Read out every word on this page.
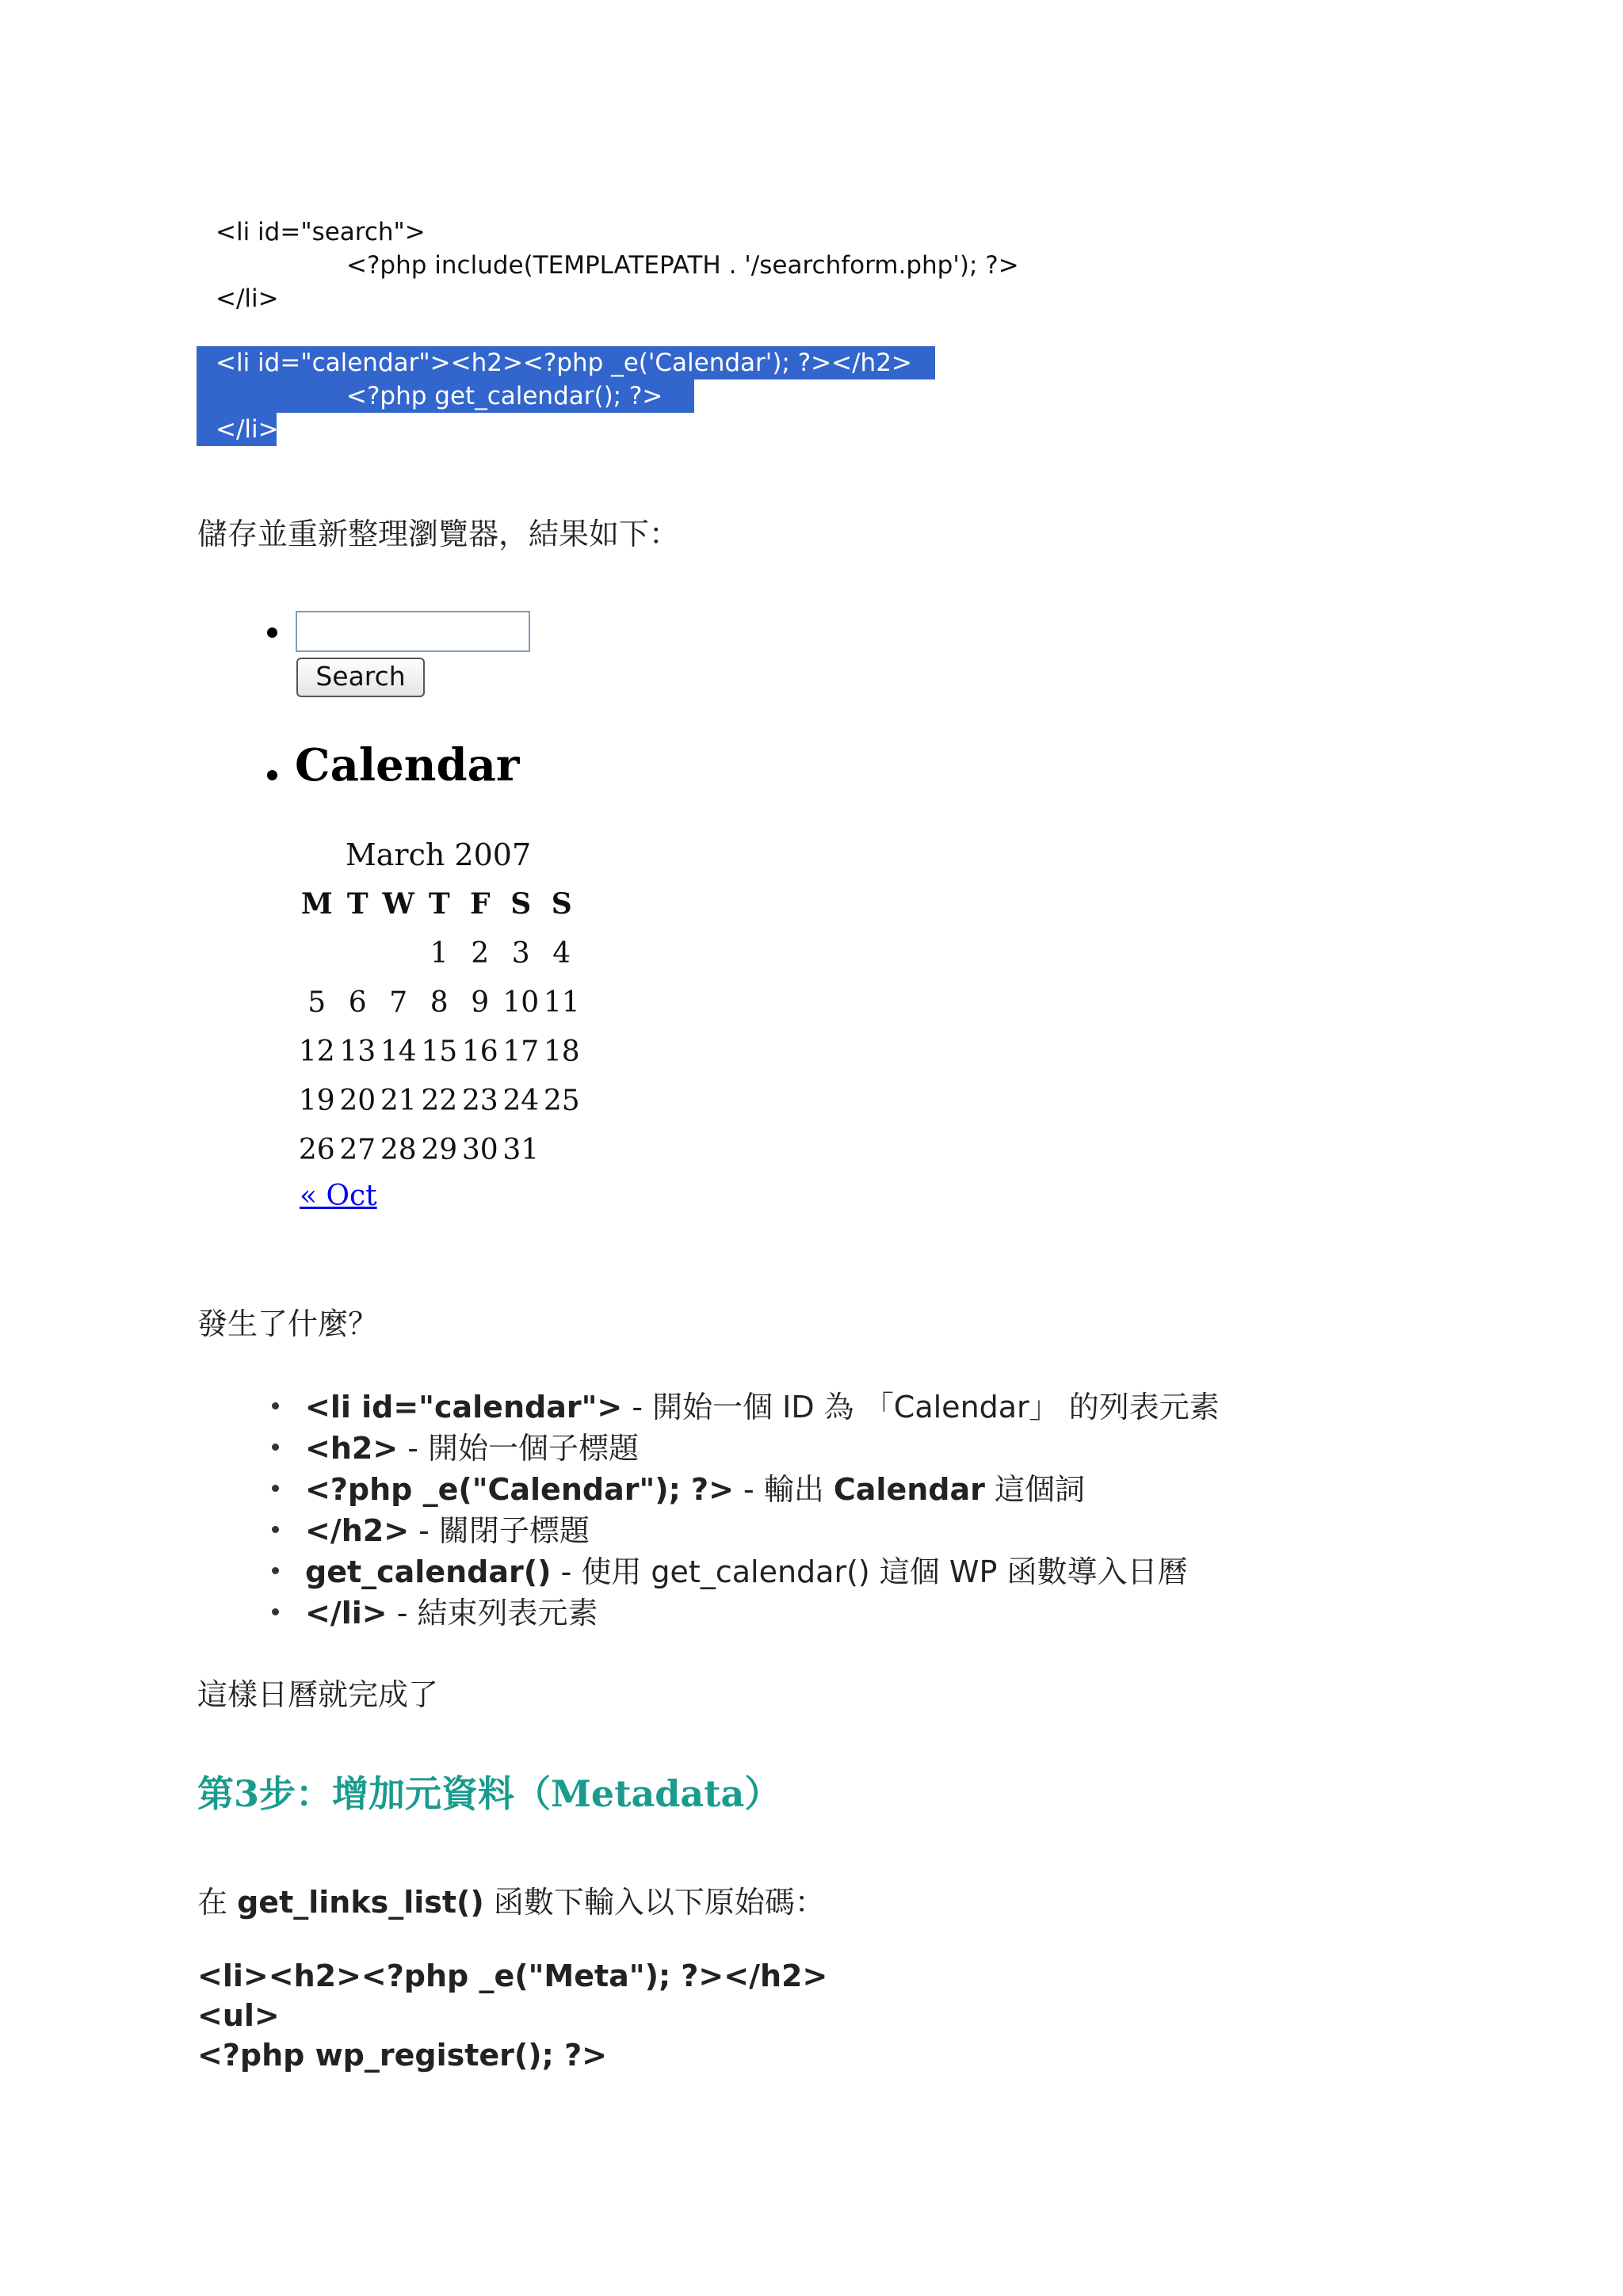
<li id="search">
<?php include(TEMPLATEPATH . '/searchform.php'); ?>
</li>
<li id="calendar"><h2><?php _e('Calendar'); ?></h2>
<?php get_calendar(); ?>
</li>
儲存並重新整理瀏覽器，結果如下：
Search
Calendar
March 2007
M	T	W	T	F	S	S
			1	2	3	4
5	6	7	8	9	10	11
12	13	14	15	16	17	18
19	20	21	22	23	24	25
26	27	28	29	30	31	
« Oct
發生了什麼？
<li id="calendar"> - 開始一個 ID 為 「Calendar」 的列表元素
<h2> - 開始一個子標題
<?php _e("Calendar"); ?> - 輸出 Calendar 這個詞
</h2> - 關閉子標題
get_calendar() - 使用 get_calendar() 這個 WP 函數導入日曆
</li> - 結束列表元素
這樣日曆就完成了
第3步：增加元資料（Metadata）
在 get_links_list() 函數下輸入以下原始碼：
<li><h2><?php _e("Meta"); ?></h2>
<ul>
<?php wp_register(); ?>
